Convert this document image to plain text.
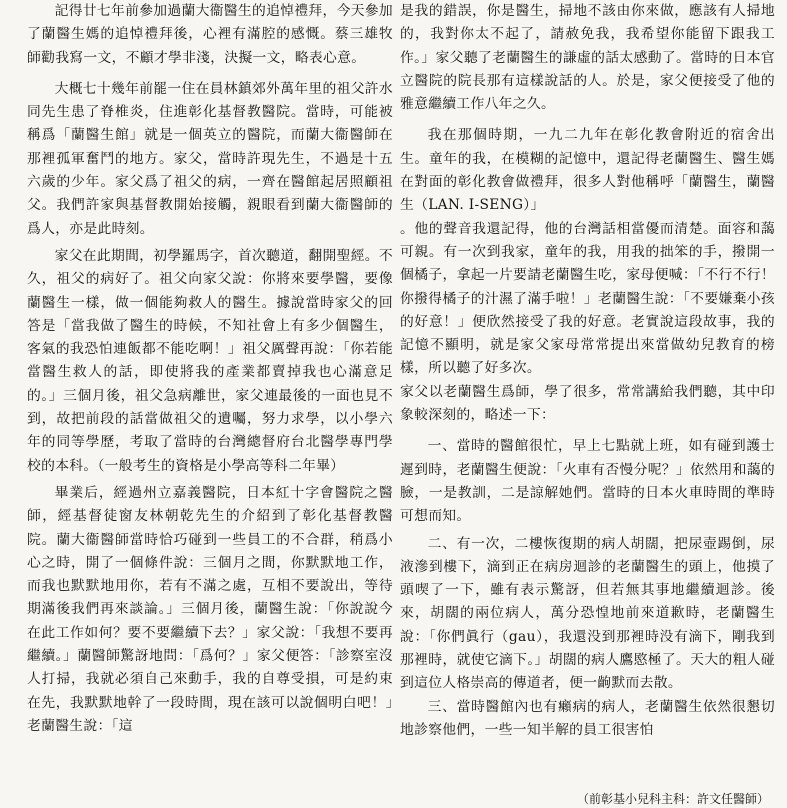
記得廿七年前參加過蘭大衞醫生的追悼禮拜，今天參加了蘭醫生媽的追悼禮拜後，心裡有滿腔的感慨。蔡三雄牧師勸我寫一文，不顧才學非淺，決擬一文，略表心意。

大概七十幾年前罷一住在員林鎮郊外萬年里的祖父許水同先生患了脊椎炎，住進彰化基督教醫院。當時，可能被稱爲「蘭醫生館」就是一個英立的醫院，而蘭大衞醫師在那裡孤軍奮鬥的地方。家父，當時許現先生，不過是十五六歲的少年。家父爲了祖父的病，一齊在醫館起居照顧祖父。我們許家與基督教開始接觸，親眼看到蘭大衞醫師的爲人，亦是此時刻。

家父在此期間，初學羅馬字，首次聽道，翻開聖經。不久，祖父的病好了。祖父向家父說：你將來要學醫，要像蘭醫生一樣，做一個能夠救人的醫生。據說當時家父的回答是「當我做了醫生的時候，不知社會上有多少個醫生，客氣的我恐怕連飯都不能吃啊！」祖父厲聲再說：「你若能當醫生救人的話，即使將我的產業都賣掉我也心滿意足的。」三個月後，祖父急病離世，家父連最後的一面也見不到，故把前段的話當做祖父的遺囑，努力求學，以小學六年的同等學歷，考取了當時的台灣總督府台北醫學專門學校的本科。（一般考生的資格是小學高等科二年畢）

畢業后，經過州立嘉義醫院，日本紅十字會醫院之醫師，經基督徒窗友林朝乾先生的介紹到了彰化基督教醫院。蘭大衞醫師當時恰巧碰到一些員工的不合群，稍爲小心之時，開了一個條件說：三個月之間，你默默地工作，而我也默默地用你，若有不滿之處，互相不要說出，等待期滿後我們再來談論。」三個月後，蘭醫生說：「你說說今在此工作如何？要不要繼續下去？」家父說：「我想不要再繼續。」蘭醫師驚訝地問：「爲何？」家父便答：「診察室沒人打掃，我就必須自己來動手，我的自尊受損，可是約束在先，我默默地幹了一段時間，現在該可以說個明白吧！」老蘭醫生說：「這

是我的錯誤，你是醫生，掃地不該由你來做，應該有人掃地的，我對你太不起了，請赦免我，我希望你能留下跟我工作。」家父聽了老蘭醫生的謙虛的話太感動了。當時的日本官立醫院的院長那有這樣說話的人。於是，家父便接受了他的雅意繼續工作八年之久。

我在那個時期，一九二九年在彰化教會附近的宿舍出生。童年的我，在模糊的記憶中，還記得老蘭醫生、醫生媽在對面的彰化教會做禮拜，很多人對他稱呼「蘭醫生，蘭醫生（LAN. I-SENG）」

。他的聲音我還記得，他的台灣話相當優而清楚。面容和藹可親。有一次到我家，童年的我，用我的拙笨的手，撥開一個橘子，拿起一片要請老蘭醫生吃，家母便喊：「不行不行！你撥得橘子的汁濕了滿手啦！」老蘭醫生說：「不要嫌棄小孩的好意！」便欣然接受了我的好意。老實說這段故事，我的記憶不顯明，就是家父家母常常提出來當做幼兒教育的榜樣，所以聽了好多次。

家父以老蘭醫生爲師，學了很多，常常講給我們聽，其中印象較深刻的，略述一下：

一、當時的醫館很忙，早上七點就上班，如有碰到護士遲到時，老蘭醫生便說：「火車有否慢分呢？」依然用和藹的臉，一是教訓，二是諒解她們。當時的日本火車時間的準時可想而知。

二、有一次，二樓恢復期的病人胡闊，把尿壺踢倒，尿液滲到樓下，滴到正在病房迴診的老蘭醫生的頭上，他摸了頭喫了一下，雖有表示驚訝，但若無其事地繼續迴診。後來，胡闊的兩位病人，萬分恐惶地前來道歉時，老蘭醫生說：「你們眞行（gau），我還没到那裡時没有滴下，剛我到那裡時，就使它滴下。」胡闊的病人鷹愍極了。天大的粗人碰到這位人格崇高的傳道者，便一齣默而去散。

三、當時醫館內也有癩病的病人，老蘭醫生依然很懇切地診察他們，一些一知半解的員工很害怕

（前彰基小兒科主科：許文任醫師）
